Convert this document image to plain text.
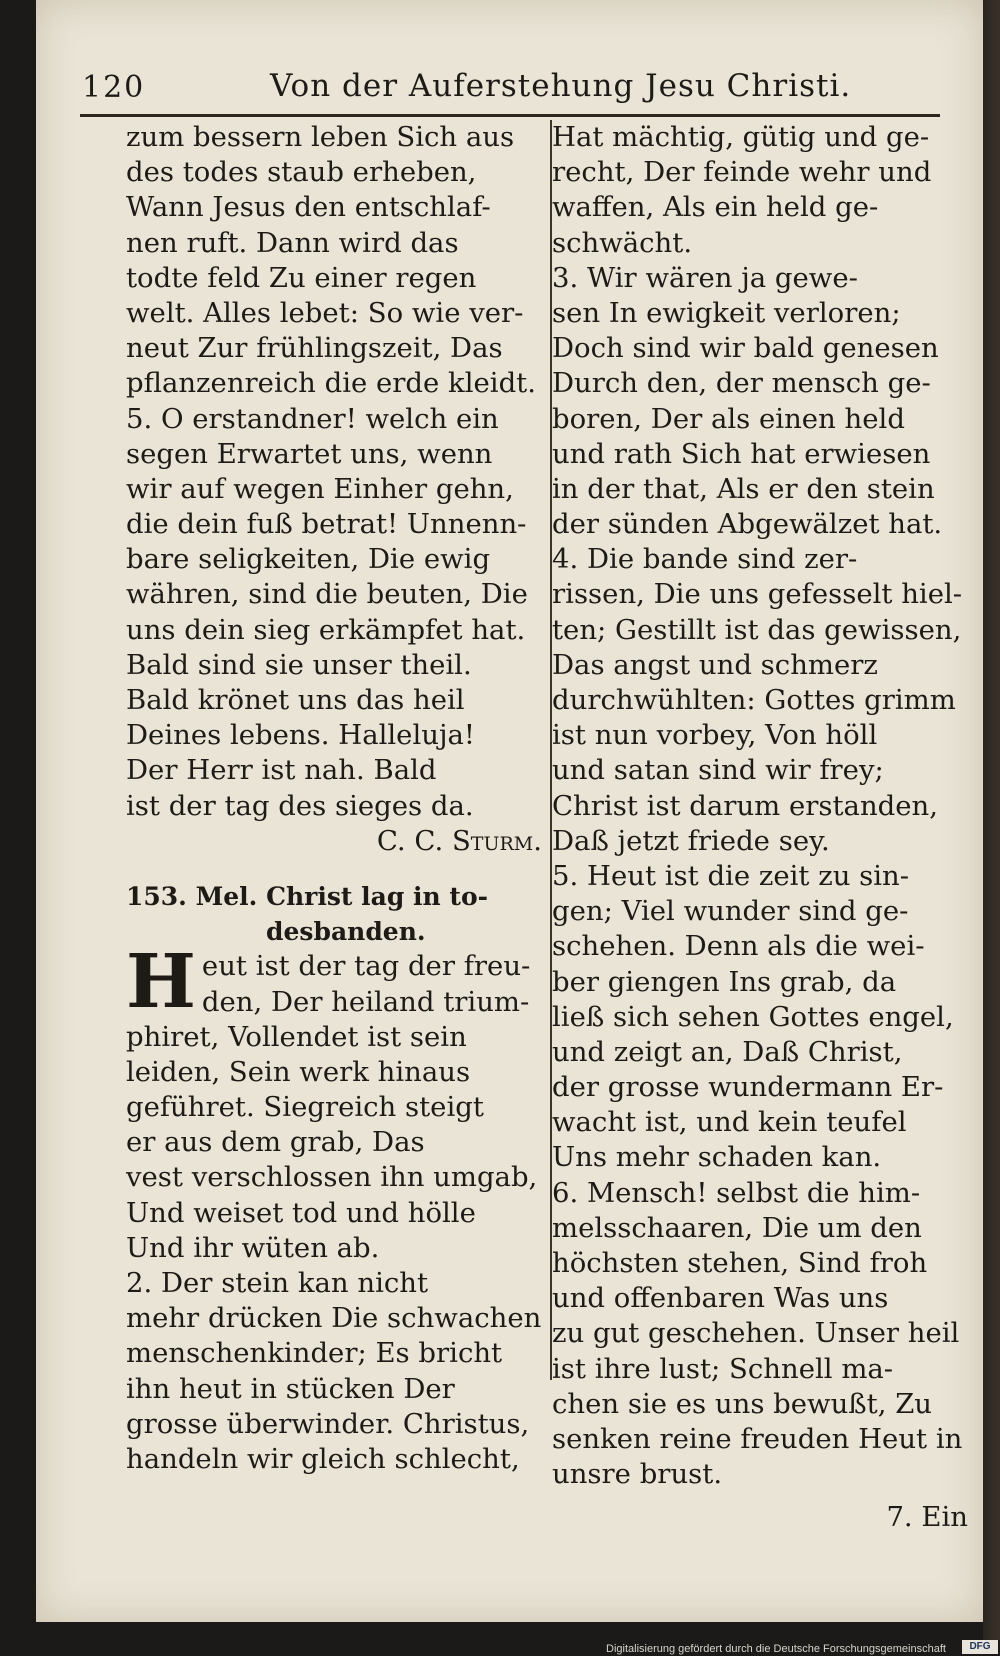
120	Von der Auferstehung Jesu Christi.
zum bessern leben Sich aus
des todes staub erheben,
Wann Jesus den entschlaf-
nen ruft. Dann wird das
todte feld Zu einer regen
welt. Alles lebet: So wie ver-
neut Zur frühlingszeit, Das
pflanzenreich die erde kleidt.
5. O erstandner! welch ein
segen Erwartet uns, wenn
wir auf wegen Einher gehn,
die dein fuß betrat! Unnenn-
bare seligkeiten, Die ewig
währen, sind die beuten, Die
uns dein sieg erkämpfet hat.
Bald sind sie unser theil.
Bald krönet uns das heil
Deines lebens. Halleluja!
Der Herr ist nah. Bald
ist der tag des sieges da.
C. C. Sturm.
153. Mel. Christ lag in to-
desbanden.
H eut ist der tag der freu-
den, Der heiland trium-
phiret, Vollendet ist sein
leiden, Sein werk hinaus
geführet. Siegreich steigt
er aus dem grab, Das
vest verschlossen ihn umgab,
Und weiset tod und hölle
Und ihr wüten ab.
2. Der stein kan nicht
mehr drücken Die schwachen
menschenkinder; Es bricht
ihn heut in stücken Der
grosse überwinder. Christus,
handeln wir gleich schlecht,
Hat mächtig, gütig und ge-
recht, Der feinde wehr und
waffen, Als ein held ge-
schwächt.
3. Wir wären ja gewe-
sen In ewigkeit verloren;
Doch sind wir bald genesen
Durch den, der mensch ge-
boren, Der als einen held
und rath Sich hat erwiesen
in der that, Als er den stein
der sünden Abgewälzet hat.
4. Die bande sind zer-
rissen, Die uns gefesselt hiel-
ten; Gestillt ist das gewissen,
Das angst und schmerz
durchwühlten: Gottes grimm
ist nun vorbey, Von höll
und satan sind wir frey;
Christ ist darum erstanden,
Daß jetzt friede sey.
5. Heut ist die zeit zu sin-
gen; Viel wunder sind ge-
schehen. Denn als die wei-
ber giengen Ins grab, da
ließ sich sehen Gottes engel,
und zeigt an, Daß Christ,
der grosse wundermann Er-
wacht ist, und kein teufel
Uns mehr schaden kan.
6. Mensch! selbst die him-
melsschaaren, Die um den
höchsten stehen, Sind froh
und offenbaren Was uns
zu gut geschehen. Unser heil
ist ihre lust; Schnell ma-
chen sie es uns bewußt, Zu
senken reine freuden Heut in
unsre brust.
7. Ein
Digitalisierung gefördert durch die Deutsche Forschungsgemeinschaft	DFG
